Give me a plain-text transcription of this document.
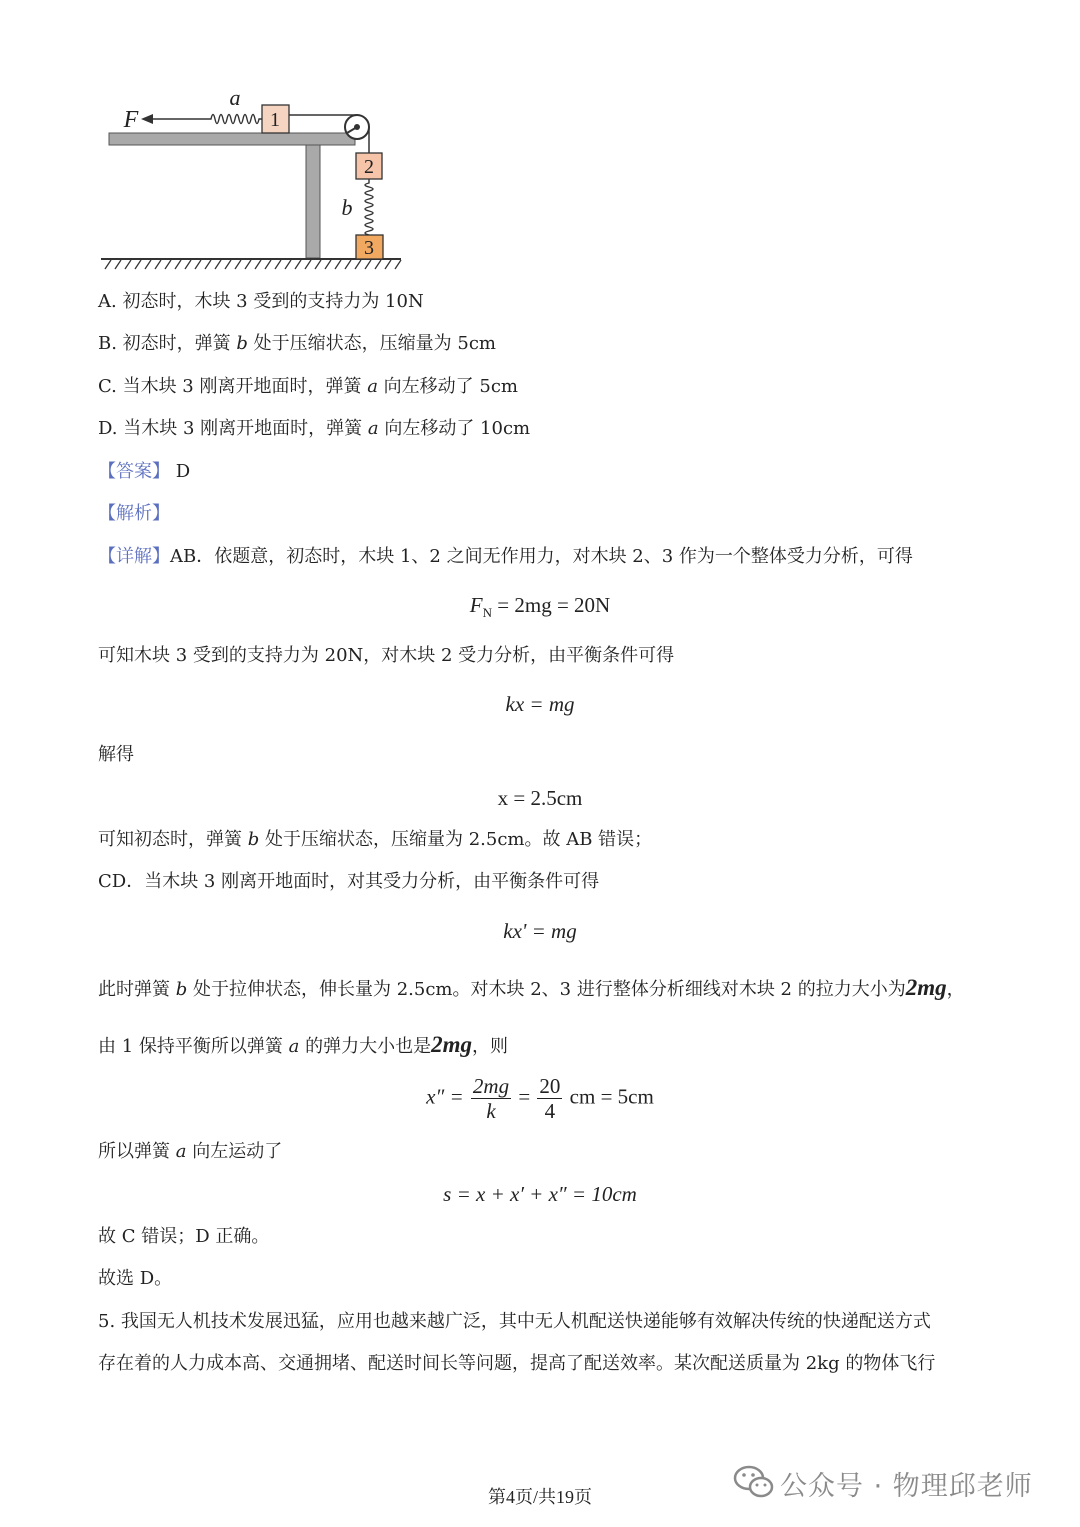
1
a
F
2
b
3
A. 初态时，木块 3 受到的支持力为 10N
B. 初态时，弹簧 b 处于压缩状态，压缩量为 5cm
C. 当木块 3 刚离开地面时，弹簧 a 向左移动了 5cm
D. 当木块 3 刚离开地面时，弹簧 a 向左移动了 10cm
【答案】 D
【解析】
【详解】AB．依题意，初态时，木块 1、2 之间无作用力，对木块 2、3 作为一个整体受力分析，可得
$F_N = 2mg = 20N$
可知木块 3 受到的支持力为 20N，对木块 2 受力分析，由平衡条件可得
kx = mg
解得
x = 2.5cm
可知初态时，弹簧 b 处于压缩状态，压缩量为 2.5cm。故 AB 错误；
CD．当木块 3 刚离开地面时，对其受力分析，由平衡条件可得
kx' = mg
此时弹簧 b 处于拉伸状态，伸长量为 2.5cm。对木块 2、3 进行整体分析细线对木块 2 的拉力大小为2mg，
由 1 保持平衡所以弹簧 a 的弹力大小也是2mg，则
$x'' = \frac{2mg}{k} = \frac{20}{4}$ cm = 5cm
所以弹簧 a 向左运动了
s = x + x′ + x″ = 10cm
故 C 错误；D 正确。
故选 D。
5. 我国无人机技术发展迅猛，应用也越来越广泛，其中无人机配送快递能够有效解决传统的快递配送方式
存在着的人力成本高、交通拥堵、配送时间长等问题，提高了配送效率。某次配送质量为 2kg 的物体飞行
第4页/共19页	公众号 · 物理邱老师
